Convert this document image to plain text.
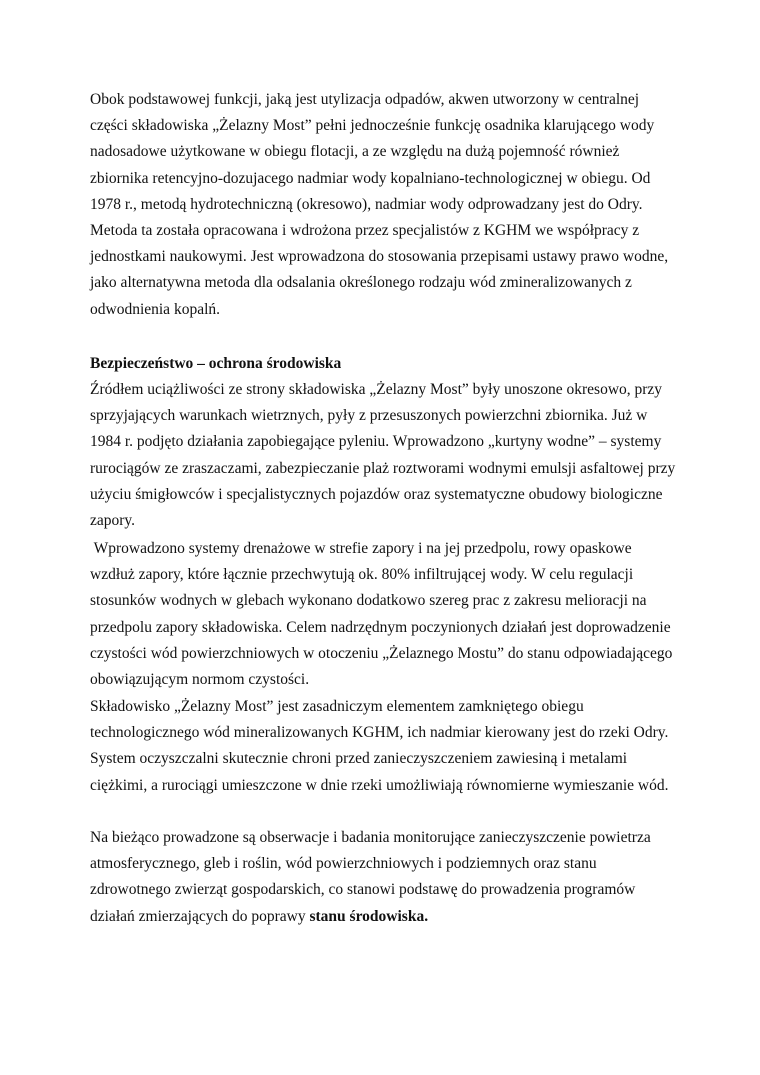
Obok podstawowej funkcji, jaką jest utylizacja odpadów, akwen utworzony w centralnej
części składowiska „Żelazny Most” pełni jednocześnie funkcję osadnika klarującego wody
nadosadowe użytkowane w obiegu flotacji, a ze względu na dużą pojemność również
zbiornika retencyjno-dozujacego nadmiar wody kopalniano-technologicznej w obiegu. Od
1978 r., metodą hydrotechniczną (okresowo), nadmiar wody odprowadzany jest do Odry.
Metoda ta została opracowana i wdrożona przez specjalistów z KGHM we współpracy z
jednostkami naukowymi. Jest wprowadzona do stosowania przepisami ustawy prawo wodne,
jako alternatywna metoda dla odsalania określonego rodzaju wód zmineralizowanych z
odwodnienia kopalń.
Bezpieczeństwo – ochrona środowiska
Źródłem uciążliwości ze strony składowiska „Żelazny Most” były unoszone okresowo, przy
sprzyjających warunkach wietrznych, pyły z przesuszonych powierzchni zbiornika. Już w
1984 r. podjęto działania zapobiegające pyleniu. Wprowadzono „kurtyny wodne” – systemy
rurociągów ze zraszaczami, zabezpieczanie plaż roztworami wodnymi emulsji asfaltowej przy
użyciu śmigłowców i specjalistycznych pojazdów oraz systematyczne obudowy biologiczne
zapory.
Wprowadzono systemy drenażowe w strefie zapory i na jej przedpolu, rowy opaskowe
wzdłuż zapory, które łącznie przechwytują ok. 80% infiltrującej wody. W celu regulacji
stosunków wodnych w glebach wykonano dodatkowo szereg prac z zakresu melioracji na
przedpolu zapory składowiska. Celem nadrzędnym poczynionych działań jest doprowadzenie
czystości wód powierzchniowych w otoczeniu „Żelaznego Mostu” do stanu odpowiadającego
obowiązującym normom czystości.
Składowisko „Żelazny Most” jest zasadniczym elementem zamkniętego obiegu
technologicznego wód mineralizowanych KGHM, ich nadmiar kierowany jest do rzeki Odry.
System oczyszczalni skutecznie chroni przed zanieczyszczeniem zawiesiną i metalami
ciężkimi, a rurociągi umieszczone w dnie rzeki umożliwiają równomierne wymieszanie wód.
Na bieżąco prowadzone są obserwacje i badania monitorujące zanieczyszczenie powietrza
atmosferycznego, gleb i roślin, wód powierzchniowych i podziemnych oraz stanu
zdrowotnego zwierząt gospodarskich, co stanowi podstawę do prowadzenia programów
działań zmierzających do poprawy stanu środowiska.
